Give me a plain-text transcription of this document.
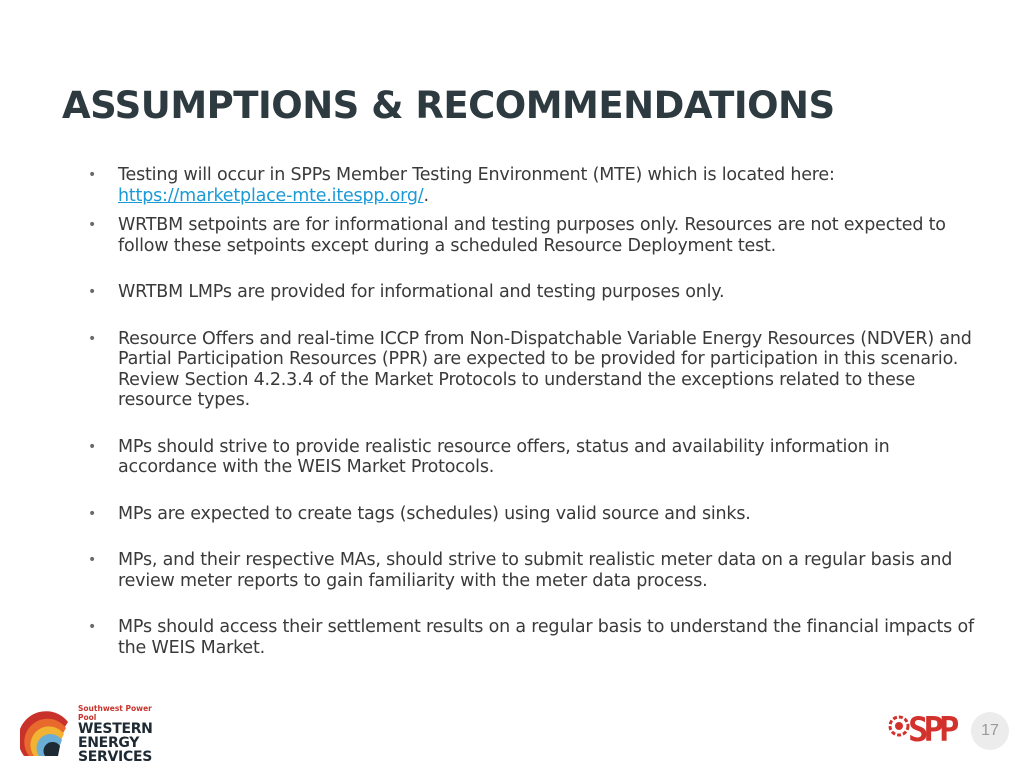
ASSUMPTIONS & RECOMMENDATIONS
• Testing will occur in SPPs Member Testing Environment (MTE) which is located here: https://marketplace-mte.itespp.org/.
• WRTBM setpoints are for informational and testing purposes only. Resources are not expected to follow these setpoints except during a scheduled Resource Deployment test.
• WRTBM LMPs are provided for informational and testing purposes only.
• Resource Offers and real-time ICCP from Non-Dispatchable Variable Energy Resources (NDVER) and Partial Participation Resources (PPR) are expected to be provided for participation in this scenario. Review Section 4.2.3.4 of the Market Protocols to understand the exceptions related to these resource types.
• MPs should strive to provide realistic resource offers, status and availability information in accordance with the WEIS Market Protocols.
• MPs are expected to create tags (schedules) using valid source and sinks.
• MPs, and their respective MAs, should strive to submit realistic meter data on a regular basis and review meter reports to gain familiarity with the meter data process.
• MPs should access their settlement results on a regular basis to understand the financial impacts of the WEIS Market.
Southwest Power Pool
WESTERN
ENERGY
SERVICES
SPP 17
